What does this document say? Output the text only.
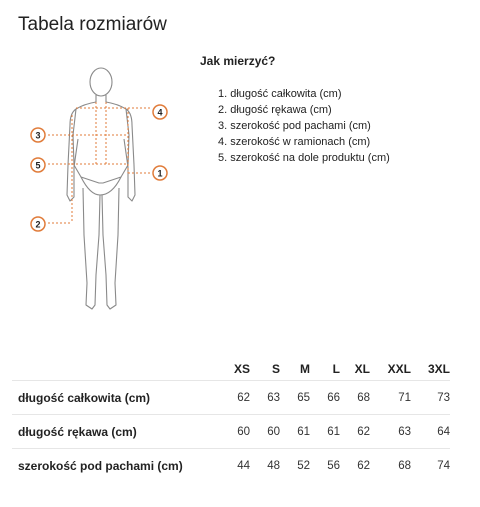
Tabela rozmiarów
3
5
2
4
1
Jak mierzyć?
1. długość całkowita (cm)
2. długość rękawa (cm)
3. szerokość pod pachami (cm)
4. szerokość w ramionach (cm)
5. szerokość na dole produktu (cm)
	XS	S	M	L	XL	XXL	3XL
długość całkowita (cm)	62	63	65	66	68	71	73
długość rękawa (cm)	60	60	61	61	62	63	64
szerokość pod pachami (cm)	44	48	52	56	62	68	74
